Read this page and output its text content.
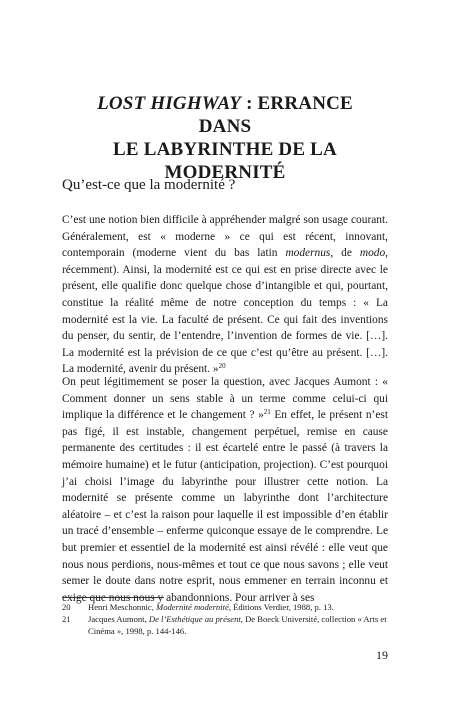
LOST HIGHWAY : ERRANCE DANS
LE LABYRINTHE DE LA
MODERNITÉ
Qu’est-ce que la modernité ?
C’est une notion bien difficile à appréhender malgré son usage courant. Généralement, est « moderne » ce qui est récent, innovant, contemporain (moderne vient du bas latin modernus, de modo, récemment). Ainsi, la modernité est ce qui est en prise directe avec le présent, elle qualifie donc quelque chose d’intangible et qui, pourtant, constitue la réalité même de notre conception du temps : « La modernité est la vie. La faculté de présent. Ce qui fait des inventions du penser, du sentir, de l’entendre, l’invention de formes de vie. […]. La modernité est la prévision de ce que c’est qu’être au présent. […]. La modernité, avenir du présent. »$^{20}$
On peut légitimement se poser la question, avec Jacques Aumont : « Comment donner un sens stable à un terme comme celui-ci qui implique la différence et le changement ? »$^{21}$ En effet, le présent n’est pas figé, il est instable, changement perpétuel, remise en cause permanente des certitudes : il est écartelé entre le passé (à travers la mémoire humaine) et le futur (anticipation, projection). C’est pourquoi j’ai choisi l’image du labyrinthe pour illustrer cette notion. La modernité se présente comme un labyrinthe dont l’architecture aléatoire – et c’est la raison pour laquelle il est impossible d’en établir un tracé d’ensemble – enferme quiconque essaye de le comprendre. Le but premier et essentiel de la modernité est ainsi révélé : elle veut que nous nous perdions, nous-mêmes et tout ce que nous savons ; elle veut semer le doute dans notre esprit, nous emmener en terrain inconnu et exige que nous nous y abandonnions. Pour arriver à ses
20	Henri Meschonnic, Modernité modernité, Éditions Verdier, 1988, p. 13.
21	Jacques Aumont, De l’Esthétique au présent, De Boeck Université, collection « Arts et Cinéma », 1998, p. 144-146.
19
